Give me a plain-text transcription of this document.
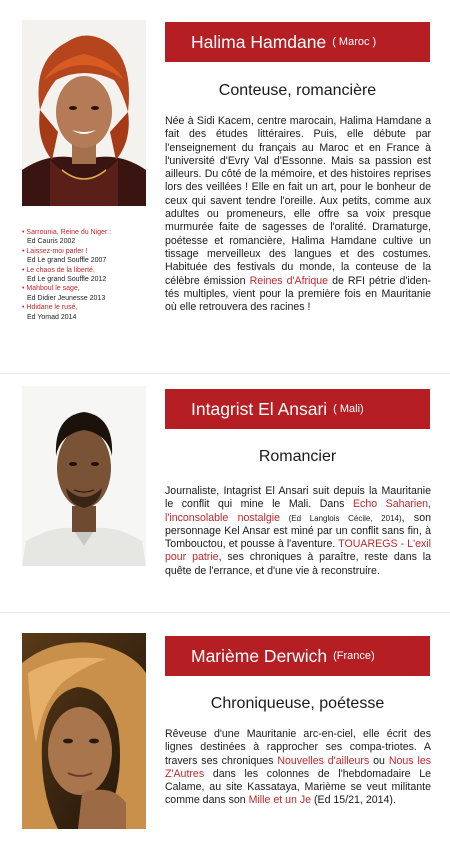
• Sarrounia, Reine du Niger :
Ed Cauris 2002
• Laissez-moi parler !
Ed Le grand Souffle 2007
• Le chaos de la liberté,
Ed Le grand Souffle 2012
• Mahboul le sage,
Ed Didier Jeunesse 2013
• Hdidane le rusé,
Ed Yomad 2014
Halima Hamdane ( Maroc )
Conteuse, romancière
Née à Sidi Kacem, centre marocain, Halima Hamdane a fait des études littéraires. Puis, elle débute par l'enseignement du français au Maroc et en France à l'université d'Evry Val d'Essonne. Mais sa passion est ailleurs. Du côté de la mémoire, et des histoires reprises lors des veillées ! Elle en fait un art, pour le bonheur de ceux qui savent tendre l'oreille. Aux petits, comme aux adultes ou promeneurs, elle offre sa voix presque murmurée faite de sagesses de l'oralité. Dramaturge, poétesse et romancière, Halima Hamdane cultive un tissage merveilleux des langues et des costumes. Habituée des festivals du monde, la conteuse de la célèbre émission Reines d'Afrique de RFI pétrie d'iden-tés multiples, vient pour la première fois en Mauritanie où elle retrouvera des racines !
Intagrist El Ansari ( Mali)
Romancier
Journaliste, Intagrist El Ansari suit depuis la Mauritanie le conflit qui mine le Mali. Dans Echo Saharien, l'inconsolable nostalgie (Ed Langlois Cécile, 2014), son personnage Kel Ansar est miné par un conflit sans fin, à Tombouctou, et pousse à l'aventure. TOUAREGS - L'exil pour patrie, ses chroniques à paraître, reste dans la quête de l'errance, et d'une vie à reconstruire.
Marième Derwich (France)
Chroniqueuse, poétesse
Rêveuse d'une Mauritanie arc-en-ciel, elle écrit des lignes destinées à rapprocher ses compa-triotes. A travers ses chroniques Nouvelles d'ailleurs ou Nous les Z'Autres dans les colonnes de l'hebdomadaire Le Calame, au site Kassataya, Marième se veut militante comme dans son Mille et un Je (Ed 15/21, 2014).
